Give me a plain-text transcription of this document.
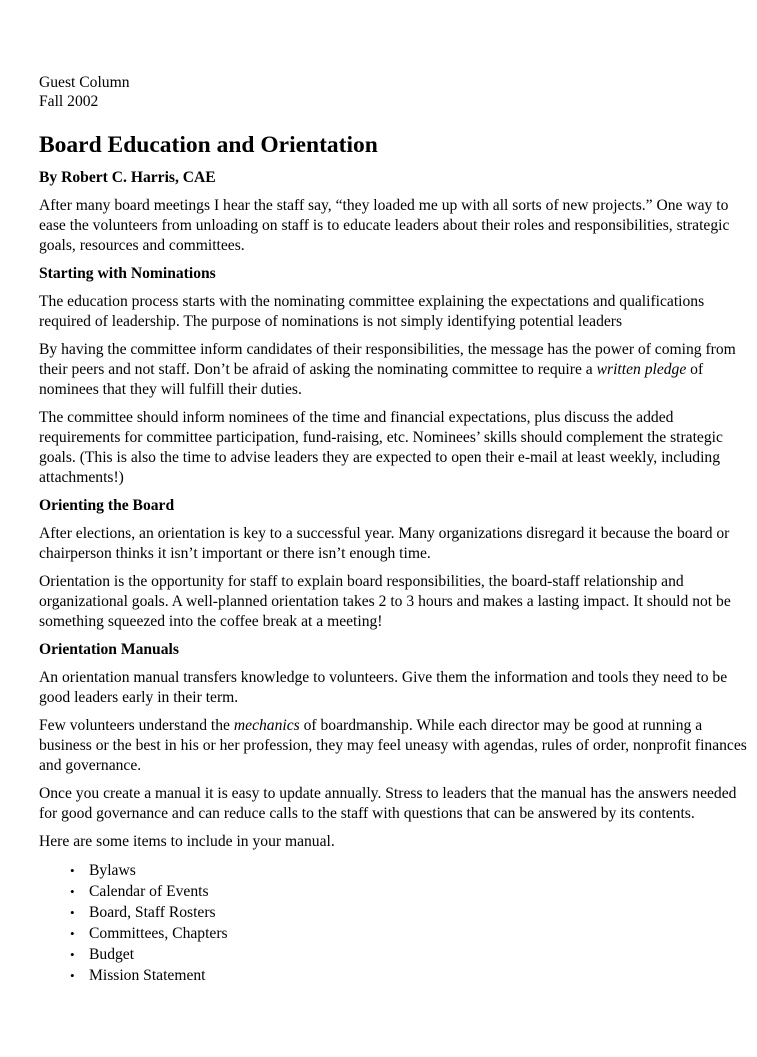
Guest Column
Fall 2002
Board Education and Orientation
By Robert C. Harris, CAE

After many board meetings I hear the staff say, “they loaded me up with all sorts of new projects.” One way to ease the volunteers from unloading on staff is to educate leaders about their roles and responsibilities, strategic goals, resources and committees.

Starting with Nominations

The education process starts with the nominating committee explaining the expectations and qualifications required of leadership. The purpose of nominations is not simply identifying potential leaders

By having the committee inform candidates of their responsibilities, the message has the power of coming from their peers and not staff. Don’t be afraid of asking the nominating committee to require a written pledge of nominees that they will fulfill their duties.

The committee should inform nominees of the time and financial expectations, plus discuss the added requirements for committee participation, fund-raising, etc. Nominees’ skills should complement the strategic goals. (This is also the time to advise leaders they are expected to open their e-mail at least weekly, including attachments!)

Orienting the Board

After elections, an orientation is key to a successful year. Many organizations disregard it because the board or chairperson thinks it isn’t important or there isn’t enough time.

Orientation is the opportunity for staff to explain board responsibilities, the board-staff relationship and organizational goals. A well-planned orientation takes 2 to 3 hours and makes a lasting impact. It should not be something squeezed into the coffee break at a meeting!

Orientation Manuals

An orientation manual transfers knowledge to volunteers. Give them the information and tools they need to be good leaders early in their term.

Few volunteers understand the mechanics of boardmanship. While each director may be good at running a business or the best in his or her profession, they may feel uneasy with agendas, rules of order, nonprofit finances and governance.

Once you create a manual it is easy to update annually. Stress to leaders that the manual has the answers needed for good governance and can reduce calls to the staff with questions that can be answered by its contents.

Here are some items to include in your manual.

• Bylaws
• Calendar of Events
• Board, Staff Rosters
• Committees, Chapters
• Budget
• Mission Statement
